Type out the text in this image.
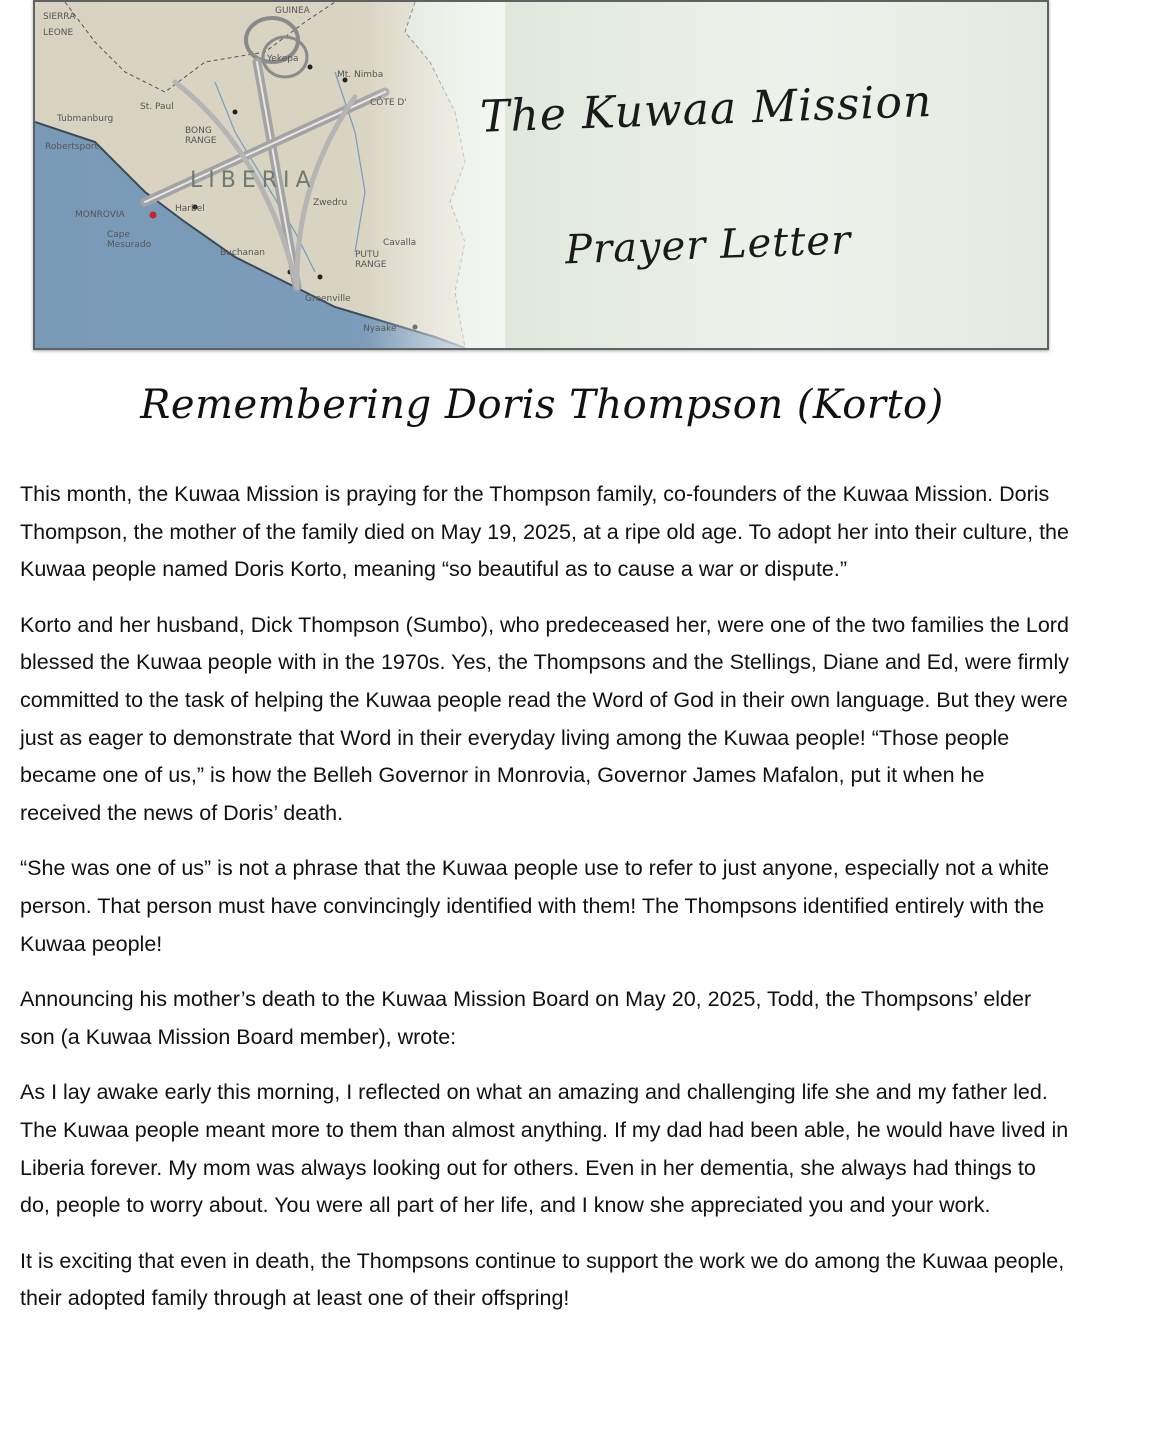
SIERRA
LEONE
GUINEA
CÔTE D'
LIBERIA
Tubmanburg
Robertsport
MONROVIA
St. Paul
BONG RANGE
Yekepa
Mt. Nimba
Zwedru
Harbel
Buchanan
Cape Mesurado	Cavalla
PUTU RANGE
Greenville
Nyaake
The Kuwaa Mission
Prayer Letter
Remembering Doris Thompson (Korto)

This month, the Kuwaa Mission is praying for the Thompson family, co-founders of the Kuwaa Mission. Doris Thompson, the mother of the family died on May 19, 2025, at a ripe old age. To adopt her into their culture, the Kuwaa people named Doris Korto, meaning “so beautiful as to cause a war or dispute.”

Korto and her husband, Dick Thompson (Sumbo), who predeceased her, were one of the two families the Lord blessed the Kuwaa people with in the 1970s. Yes, the Thompsons and the Stellings, Diane and Ed, were firmly committed to the task of helping the Kuwaa people read the Word of God in their own language. But they were just as eager to demonstrate that Word in their everyday living among the Kuwaa people! “Those people became one of us,” is how the Belleh Governor in Monrovia, Governor James Mafalon, put it when he received the news of Doris’ death.

“She was one of us” is not a phrase that the Kuwaa people use to refer to just anyone, especially not a white person. That person must have convincingly identified with them! The Thompsons identified entirely with the Kuwaa people!

Announcing his mother’s death to the Kuwaa Mission Board on May 20, 2025, Todd, the Thompsons’ elder son (a Kuwaa Mission Board member), wrote:

As I lay awake early this morning, I reflected on what an amazing and challenging life she and my father led. The Kuwaa people meant more to them than almost anything. If my dad had been able, he would have lived in Liberia forever. My mom was always looking out for others. Even in her dementia, she always had things to do, people to worry about. You were all part of her life, and I know she appreciated you and your work.

It is exciting that even in death, the Thompsons continue to support the work we do among the Kuwaa people, their adopted family through at least one of their offspring!
